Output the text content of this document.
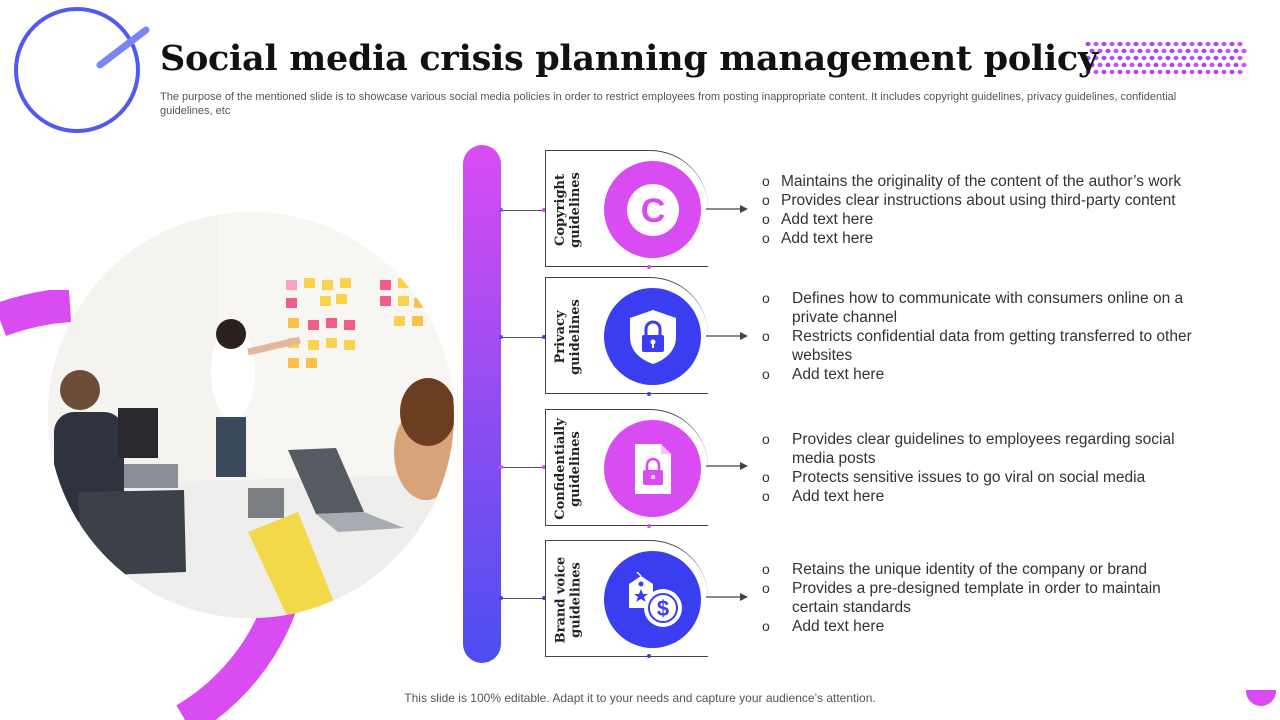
Social media crisis planning management policy
The purpose of the mentioned slide is to showcase various social media policies in order to restrict employees from posting inappropriate content. It includes copyright guidelines, privacy guidelines, confidential guidelines, etc
Copyright
guidelines C
o Maintains the originality of the content of the author’s work
o Provides clear instructions about using third-party content
o Add text here
o Add text here
Privacy
guidelines
o Defines how to communicate with consumers online on a private channel
o Restricts confidential data from getting transferred to other websites
o Add text here
Confidentially
guidelines
o	Provides clear guidelines to employees regarding social media posts
o Protects sensitive issues to go viral on social media
o Add text here
Brand voice
guidelines	$
o Retains the unique identity of the company or brand
o Provides a pre-designed template in order to maintain certain standards
o Add text here
This slide is 100% editable. Adapt it to your needs and capture your audience’s attention.
